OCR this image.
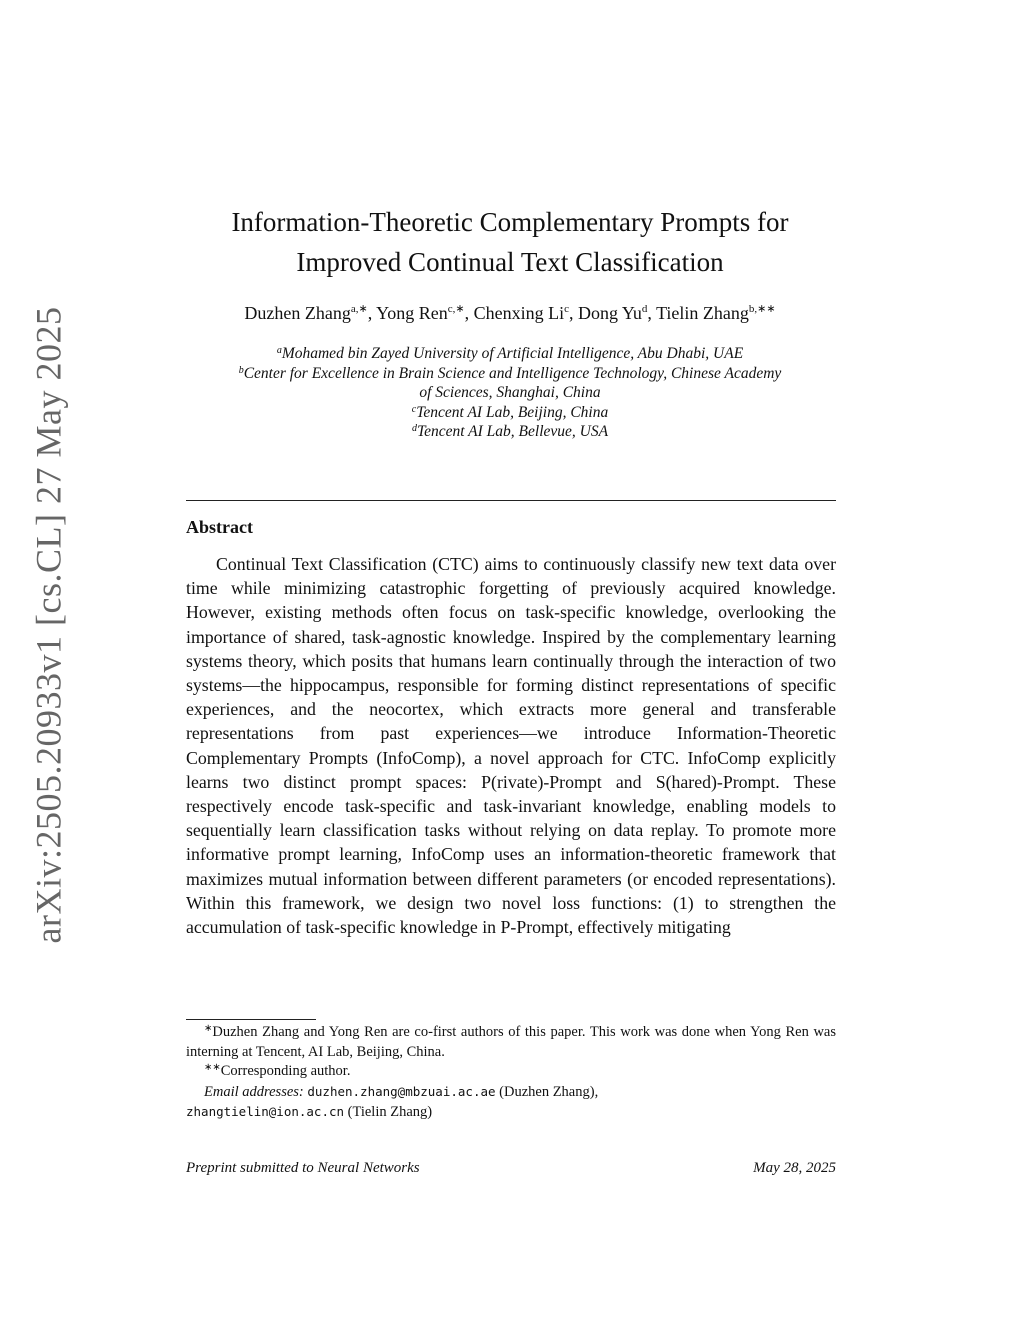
arXiv:2505.20933v1 [cs.CL] 27 May 2025
Information-Theoretic Complementary Prompts for
Improved Continual Text Classification
Duzhen Zhang$^{a,∗}$, Yong Ren$^{c,∗}$, Chenxing Li$^c$, Dong Yu$^d$, Tielin Zhang$^{b,∗∗}$
$^a$Mohamed bin Zayed University of Artificial Intelligence, Abu Dhabi, UAE
$^b$Center for Excellence in Brain Science and Intelligence Technology, Chinese Academy
of Sciences, Shanghai, China
$^c$Tencent AI Lab, Beijing, China
$^d$Tencent AI Lab, Bellevue, USA
Abstract
Continual Text Classification (CTC) aims to continuously classify new text data over time while minimizing catastrophic forgetting of previously acquired knowledge. However, existing methods often focus on task-specific knowledge, overlooking the importance of shared, task-agnostic knowledge. Inspired by the complementary learning systems theory, which posits that humans learn continually through the interaction of two systems—the hippocampus, responsible for forming distinct representations of specific experiences, and the neocortex, which extracts more general and transferable representations from past experiences—we introduce Information-Theoretic Complementary Prompts (InfoComp), a novel approach for CTC. InfoComp explicitly learns two distinct prompt spaces: P(rivate)-Prompt and S(hared)-Prompt. These respectively encode task-specific and task-invariant knowledge, enabling models to sequentially learn classification tasks without relying on data replay. To promote more informative prompt learning, InfoComp uses an information-theoretic framework that maximizes mutual information between different parameters (or encoded representations). Within this framework, we design two novel loss functions: (1) to strengthen the accumulation of task-specific knowledge in P-Prompt, effectively mitigating

∗Duzhen Zhang and Yong Ren are co-first authors of this paper. This work was done when Yong Ren was interning at Tencent, AI Lab, Beijing, China.

∗∗Corresponding author.

Email addresses: duzhen.zhang@mbzuai.ac.ae (Duzhen Zhang),

zhangtielin@ion.ac.cn (Tielin Zhang)

Preprint submitted to Neural Networks	May 28, 2025
